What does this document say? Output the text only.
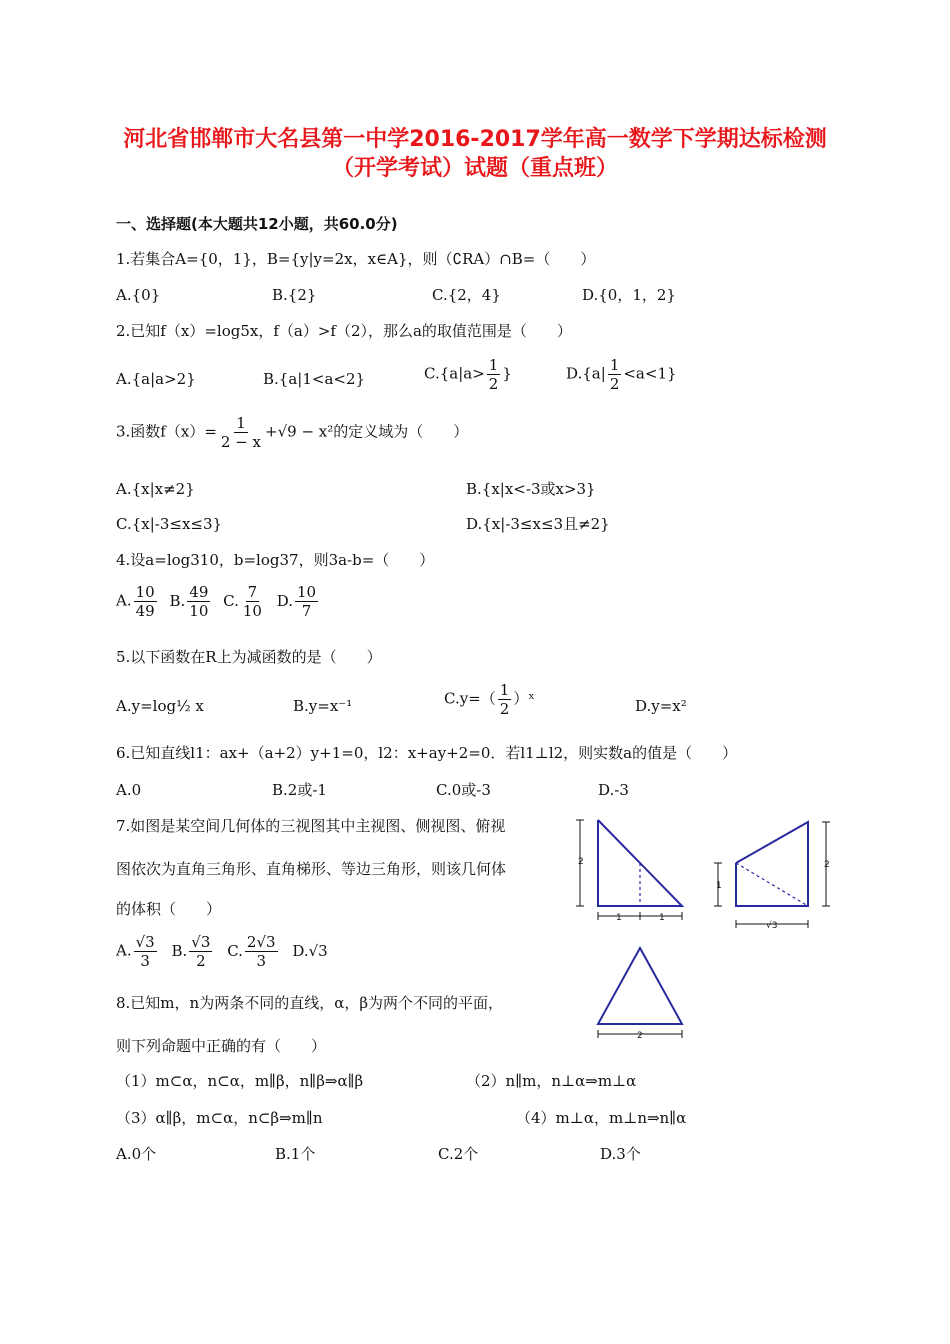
河北省邯郸市大名县第一中学2016-2017学年高一数学下学期达标检测
（开学考试）试题（重点班）
一、选择题(本大题共12小题，共60.0分)
1.若集合A={0，1}，B={y|y=2x，x∈A}，则（∁RA）∩B=（　　）
A.{0}	B.{2}	C.{2，4}	D.{0，1，2}
2.已知f（x）=log5x，f（a）>f（2），那么a的取值范围是（　　）
A.{a|a>2}	B.{a|1<a<2}	$C.\{a|a> \frac{1}{2}$ }	$D.\{a| \frac{1}{2} <a<1\}$
3.函数$f(x)= \frac{1}{2 - x} +√9 - x^2$的定义域为（　　）
A.{x|x≠2}	B.{x|x<-3或x>3}
C.{x|-3≤x≤3}	D.{x|-3≤x≤3且≠2}
4.设a=log310，b=log37，则3a-b=（　　）
A. $\frac{10}{49} B$. $\frac{49}{10} C$. $\frac{7}{10} D$. $\frac{10}{7}$
5.以下函数在R上为减函数的是（　　）
A.y=log½ x	B.y=x⁻¹	$C.y=( \frac{1}{2}$ ）ˣ	D.y=x²
6.已知直线l1：ax+（a+2）y+1=0，l2：x+ay+2=0．若l1⊥l2，则实数a的值是（　　）
A.0	B.2或-1	C.0或-3	D.-3
7.如图是某空间几何体的三视图其中主视图、侧视图、俯视
图依次为直角三角形、直角梯形、等边三角形，则该几何体
的体积（　　）
A. $\frac{√3}{3} B$. $\frac{√3}{2} C$. $\frac{2√3}{3} D.√3$
2
1	1
1
2
√3
2
8.已知m，n为两条不同的直线，α，β为两个不同的平面，
则下列命题中正确的有（　　）
（1）m⊂α，n⊂α，m∥β，n∥β⇒α∥β	（2）n∥m，n⊥α⇒m⊥α
（3）α∥β，m⊂α，n⊂β⇒m∥n	（4）m⊥α，m⊥n⇒n∥α
A.0个	B.1个	C.2个	D.3个
